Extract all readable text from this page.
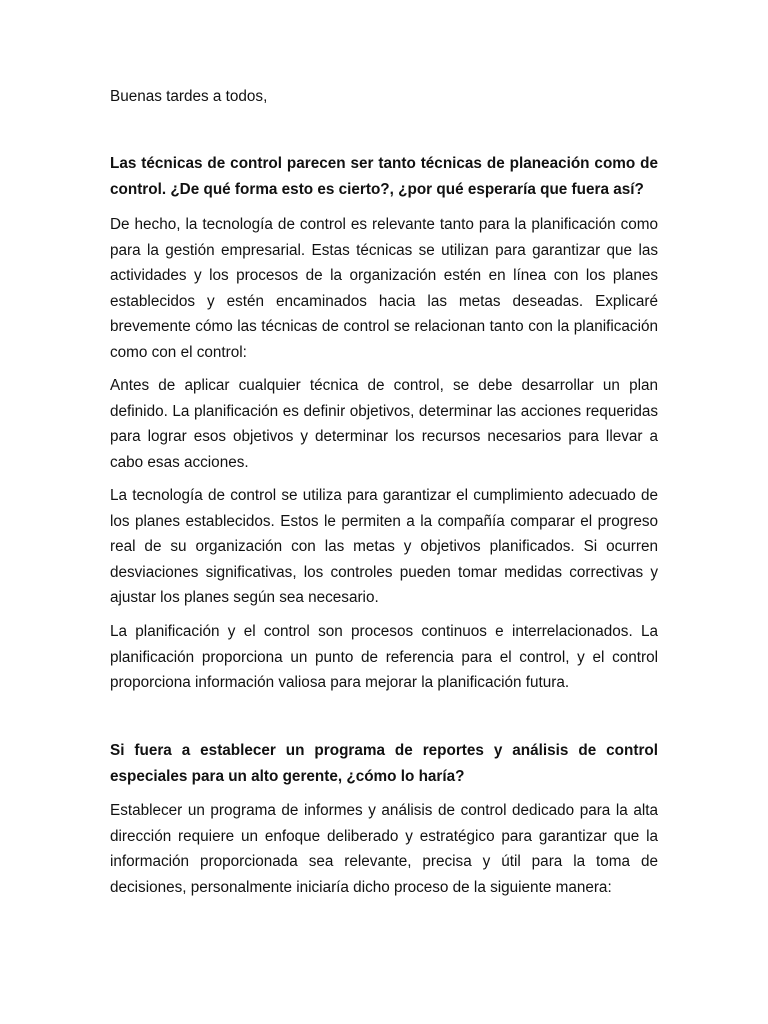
Buenas tardes a todos,

Las técnicas de control parecen ser tanto técnicas de planeación como de control. ¿De qué forma esto es cierto?, ¿por qué esperaría que fuera así?

De hecho, la tecnología de control es relevante tanto para la planificación como para la gestión empresarial. Estas técnicas se utilizan para garantizar que las actividades y los procesos de la organización estén en línea con los planes establecidos y estén encaminados hacia las metas deseadas. Explicaré brevemente cómo las técnicas de control se relacionan tanto con la planificación como con el control:

Antes de aplicar cualquier técnica de control, se debe desarrollar un plan definido. La planificación es definir objetivos, determinar las acciones requeridas para lograr esos objetivos y determinar los recursos necesarios para llevar a cabo esas acciones.

La tecnología de control se utiliza para garantizar el cumplimiento adecuado de los planes establecidos. Estos le permiten a la compañía comparar el progreso real de su organización con las metas y objetivos planificados. Si ocurren desviaciones significativas, los controles pueden tomar medidas correctivas y ajustar los planes según sea necesario.

La planificación y el control son procesos continuos e interrelacionados. La planificación proporciona un punto de referencia para el control, y el control proporciona información valiosa para mejorar la planificación futura.

Si fuera a establecer un programa de reportes y análisis de control especiales para un alto gerente, ¿cómo lo haría?

Establecer un programa de informes y análisis de control dedicado para la alta dirección requiere un enfoque deliberado y estratégico para garantizar que la información proporcionada sea relevante, precisa y útil para la toma de decisiones, personalmente iniciaría dicho proceso de la siguiente manera:
